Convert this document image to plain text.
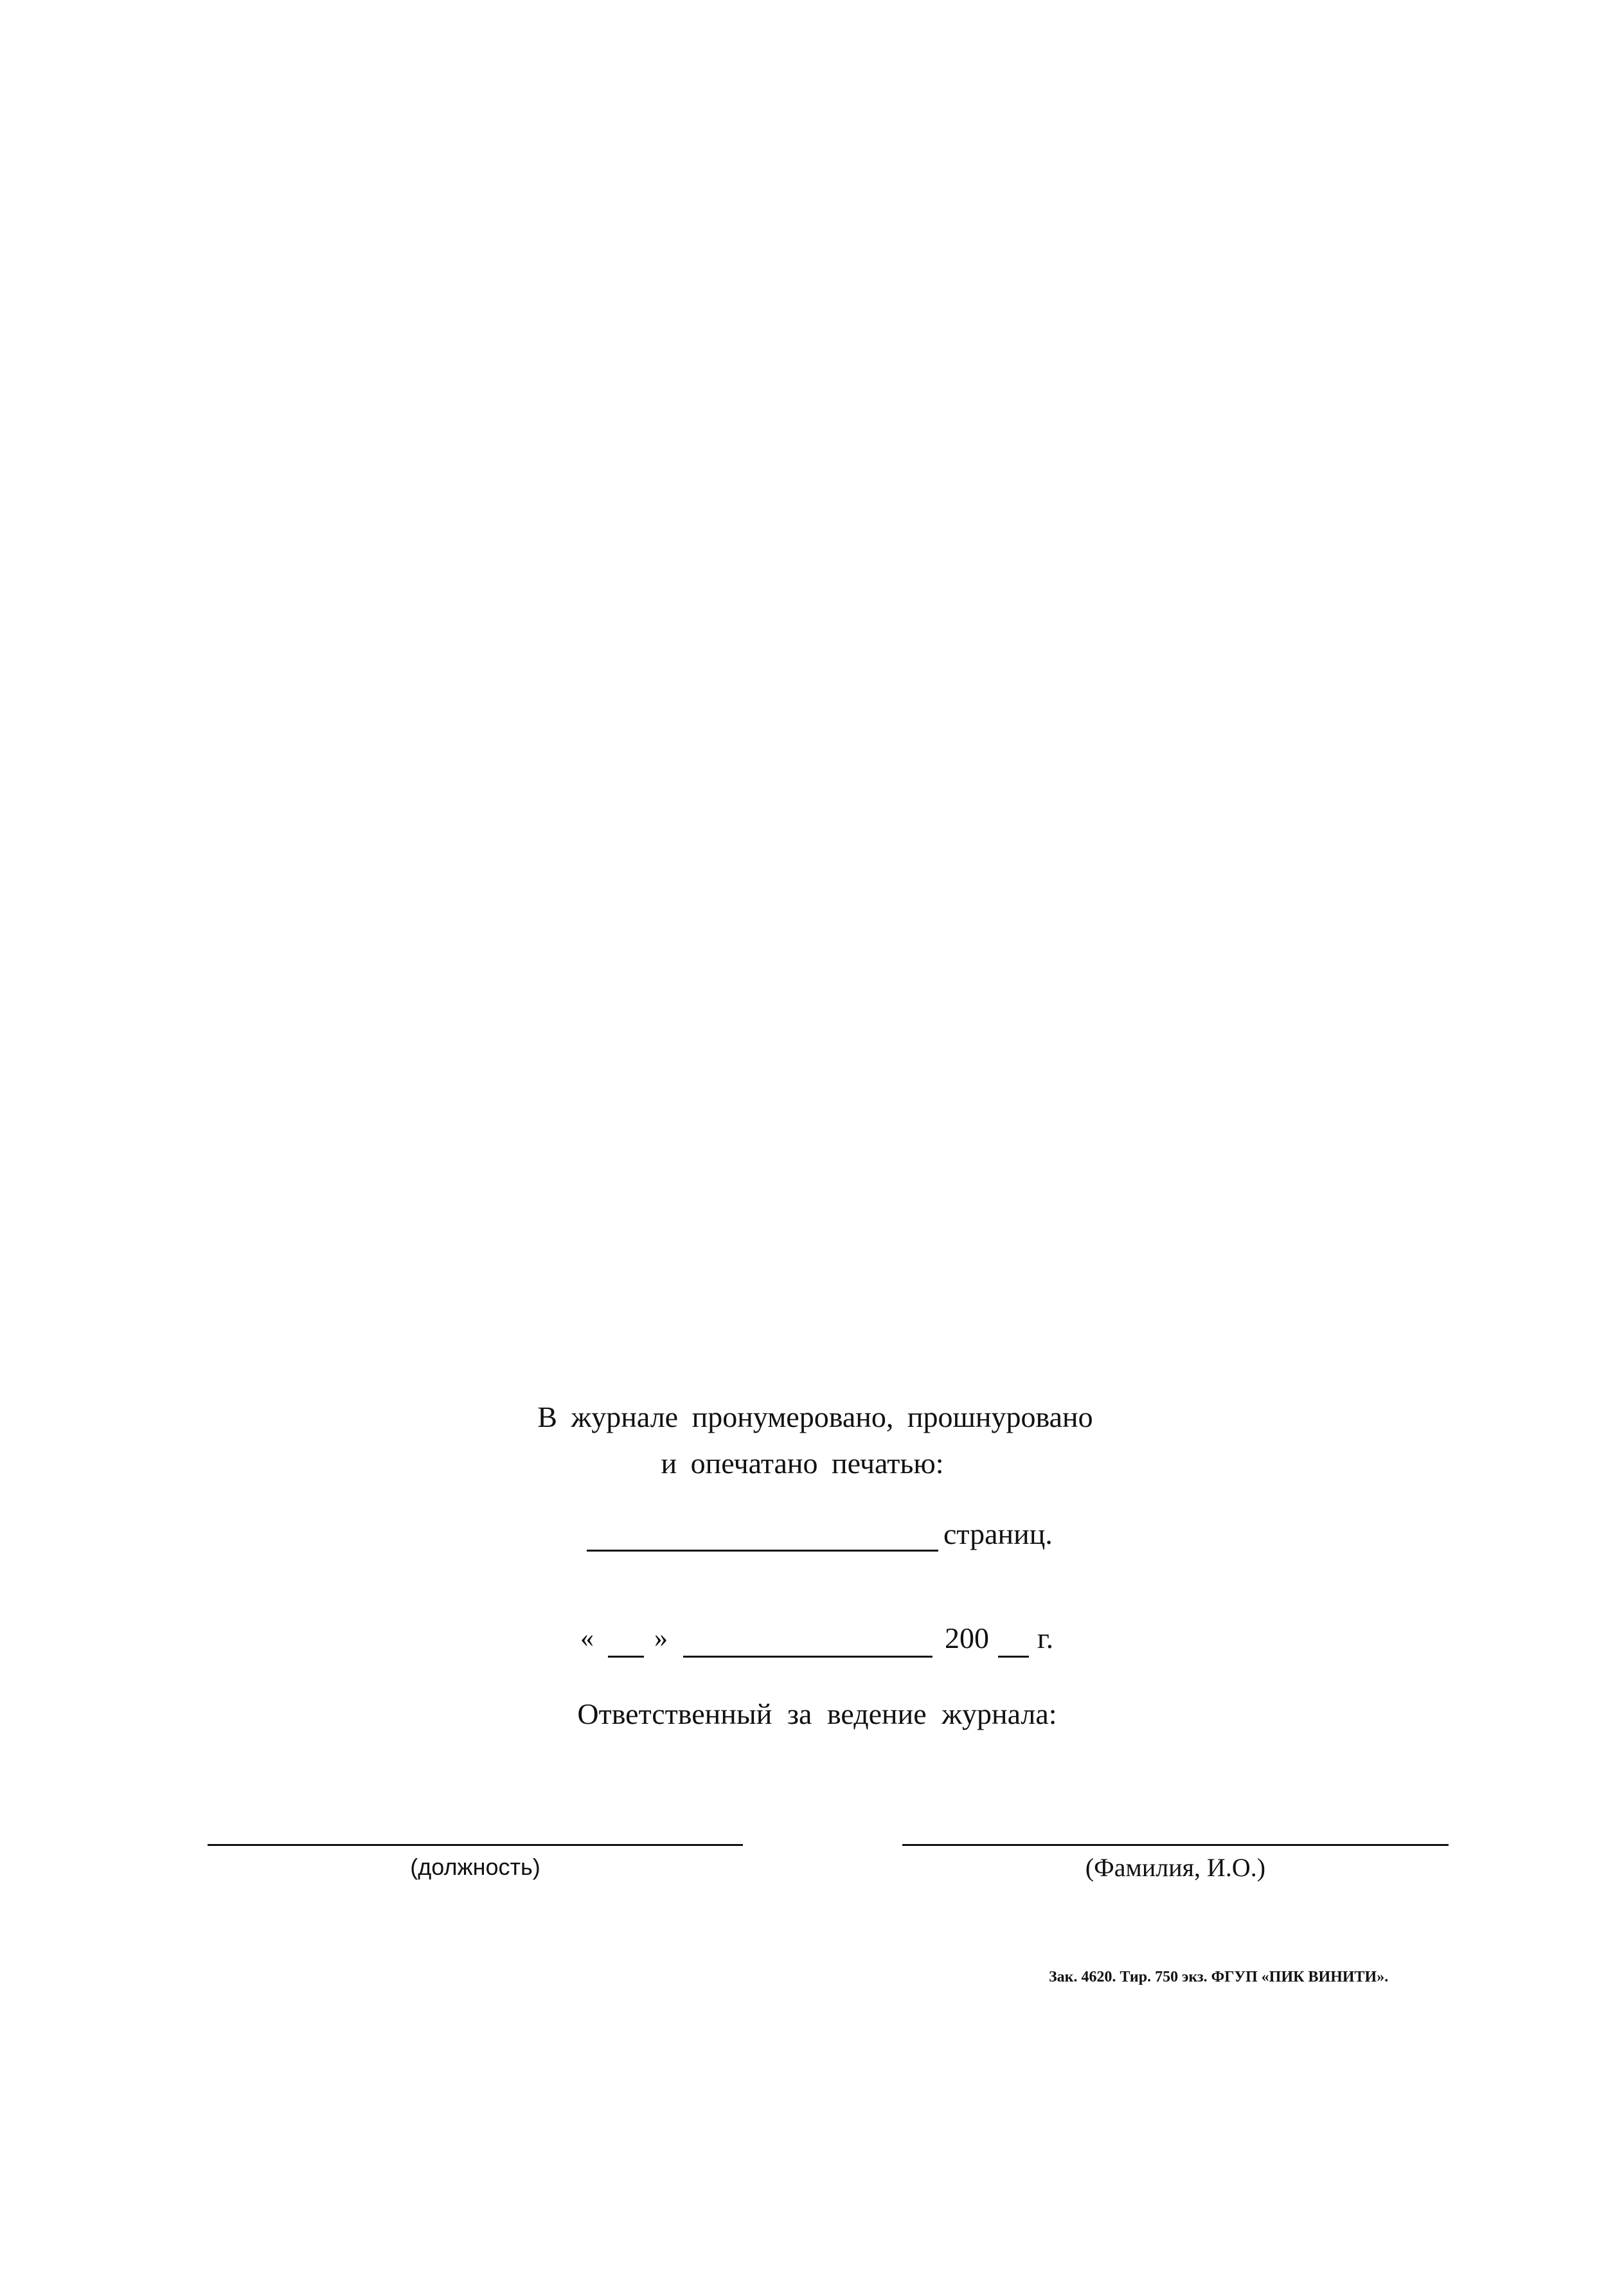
В журнале пронумеровано, прошнуровано
и опечатано печатью:
страниц.
« »	200 г.
Ответственный за ведение журнала:
(должность)	(Фамилия, И.О.)
Зак. 4620. Тир. 750 экз. ФГУП «ПИК ВИНИТИ».
